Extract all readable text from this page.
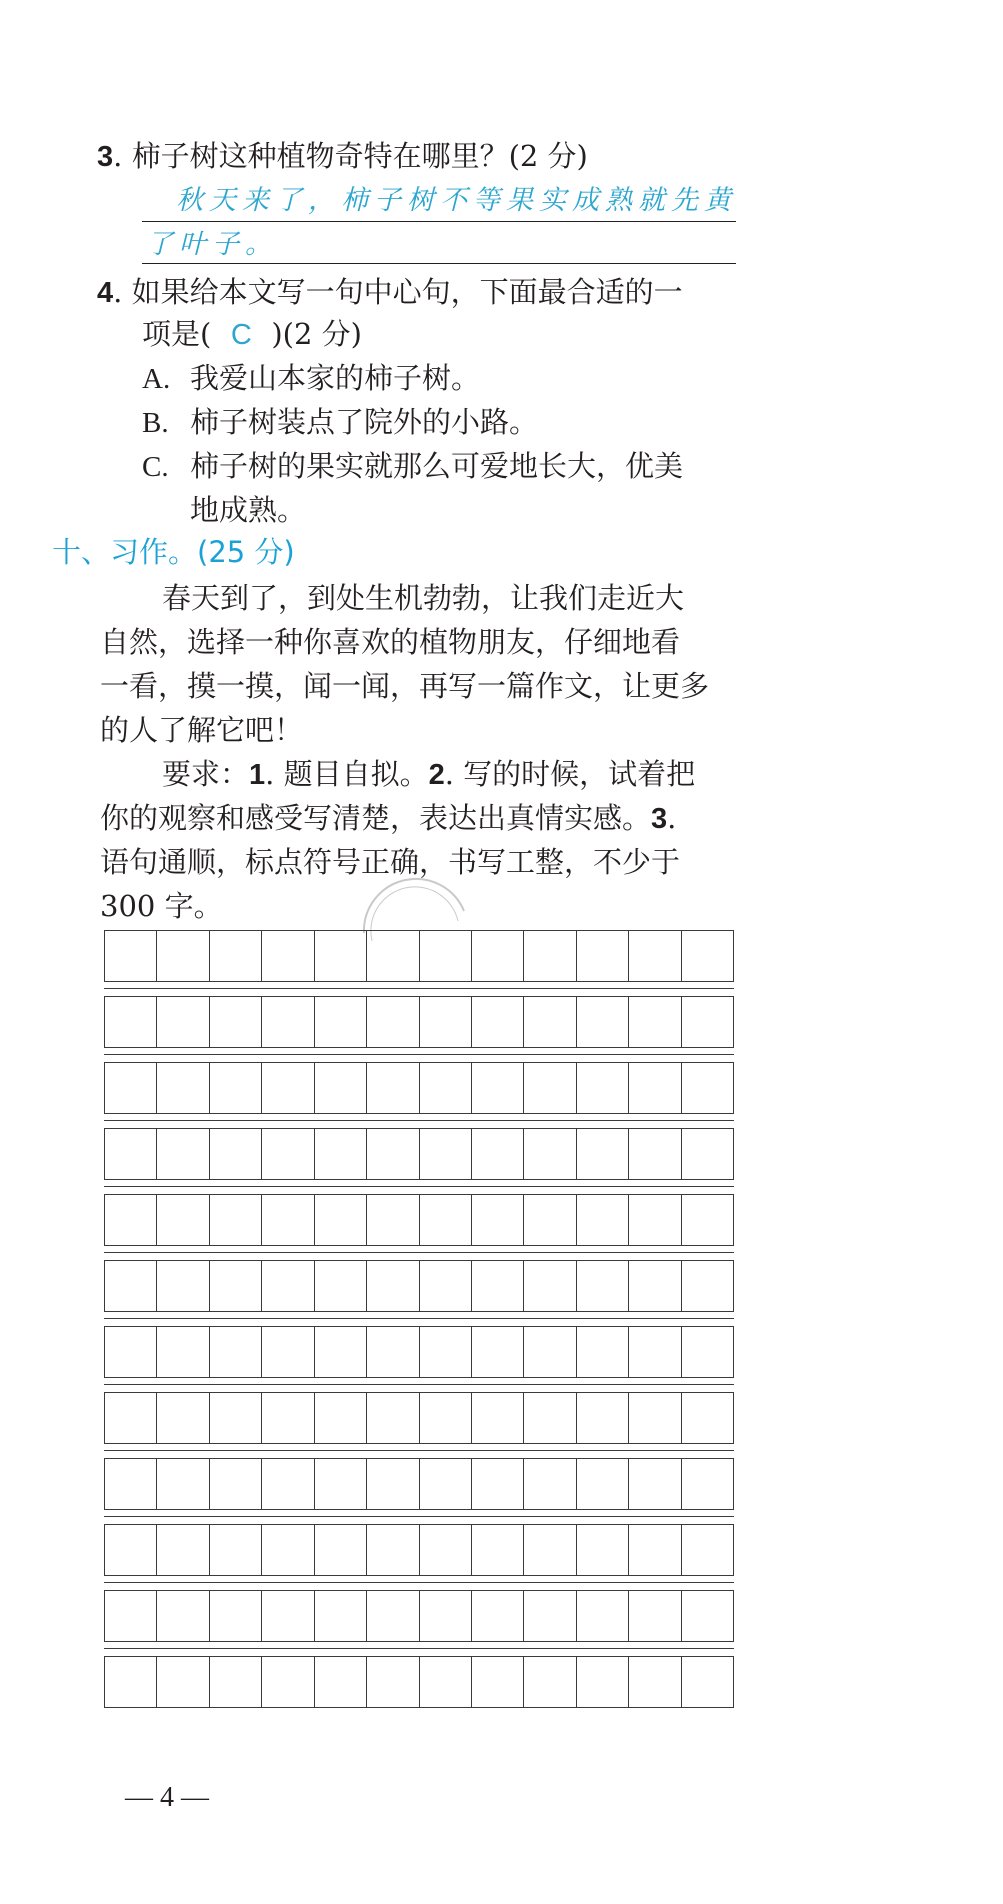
3. 柿子树这种植物奇特在哪里？(2 分)
秋天来了，柿子树不等果实成熟就先黄
了叶子。
4. 如果给本文写一句中心句，下面最合适的一
项是( C )(2 分)
A. 我爱山本家的柿子树。
B. 柿子树装点了院外的小路。
C. 柿子树的果实就那么可爱地长大，优美
地成熟。
十、习作。(25 分)
春天到了，到处生机勃勃，让我们走近大
自然，选择一种你喜欢的植物朋友，仔细地看
一看，摸一摸，闻一闻，再写一篇作文，让更多
的人了解它吧！
要求：1. 题目自拟。2. 写的时候，试着把
你的观察和感受写清楚，表达出真情实感。3.
语句通顺，标点符号正确，书写工整，不少于
300 字。
— 4 —
